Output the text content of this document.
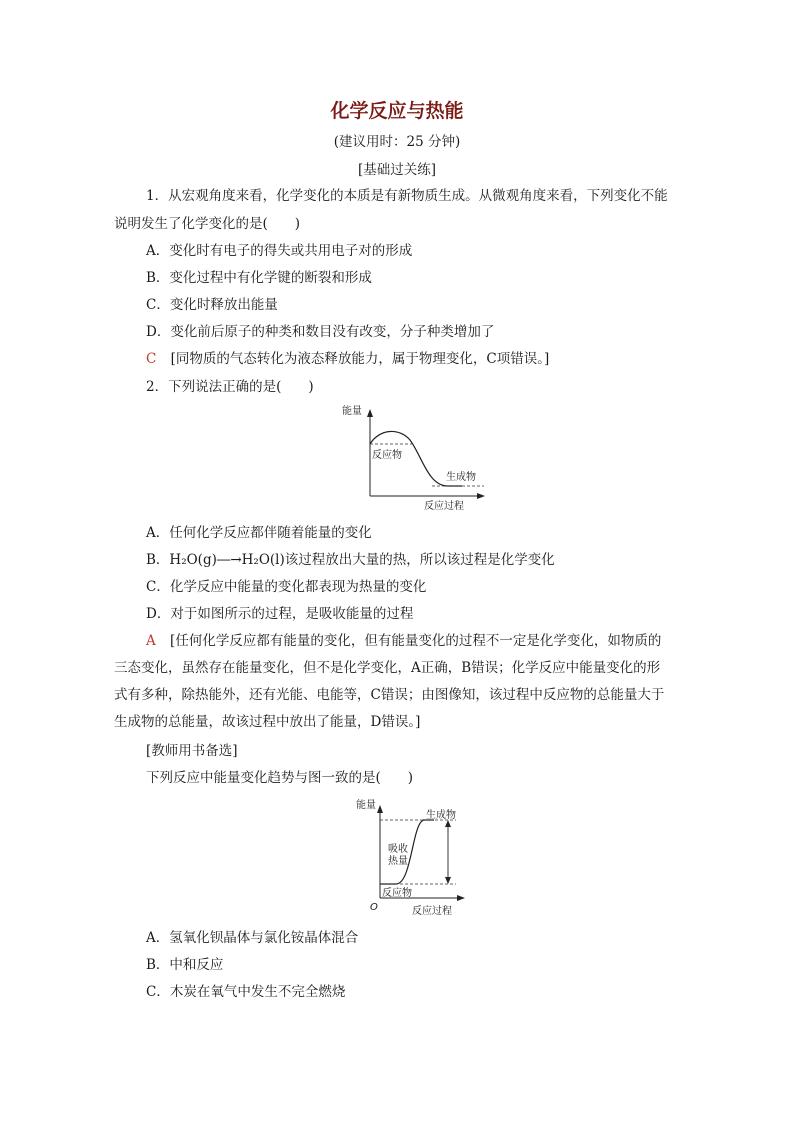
化学反应与热能
(建议用时：25 分钟)
[基础过关练]
1．从宏观角度来看，化学变化的本质是有新物质生成。从微观角度来看，下列变化不能
说明发生了化学变化的是(　　)
A．变化时有电子的得失或共用电子对的形成
B．变化过程中有化学键的断裂和形成
C．变化时释放出能量
D．变化前后原子的种类和数目没有改变，分子种类增加了
C [同物质的气态转化为液态释放能力，属于物理变化，C项错误。]
2．下列说法正确的是(　　)
能量
反应过程
反应物
生成物
A．任何化学反应都伴随着能量的变化
B．H₂O(g)―→H₂O(l)该过程放出大量的热，所以该过程是化学变化
C．化学反应中能量的变化都表现为热量的变化
D．对于如图所示的过程，是吸收能量的过程
A [任何化学反应都有能量的变化，但有能量变化的过程不一定是化学变化，如物质的
三态变化，虽然存在能量变化，但不是化学变化，A正确，B错误；化学反应中能量变化的形
式有多种，除热能外，还有光能、电能等，C错误；由图像知，该过程中反应物的总能量大于
生成物的总能量，故该过程中放出了能量，D错误。]
[教师用书备选]
下列反应中能量变化趋势与图一致的是(　　)
能量
O	反应过程
生成物
反应物
吸收
热量
A．氢氧化钡晶体与氯化铵晶体混合
B．中和反应
C．木炭在氧气中发生不完全燃烧
